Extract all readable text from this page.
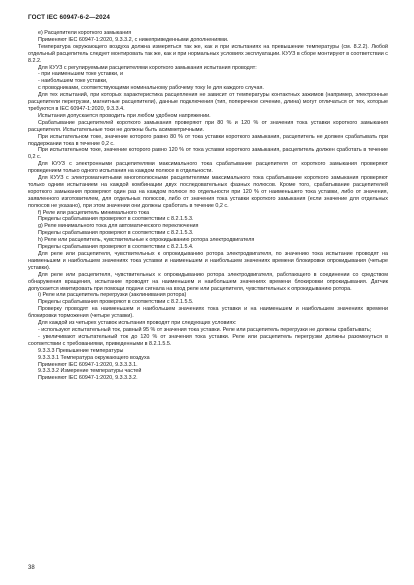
ГОСТ IEC 60947-6-2—2024

е) Расцепители короткого замыкания

Применяют IEC 60947-1:2020, 9.3.3.2, с нижеприведенными дополнениями.

Температура окружающего воздуха должна измеряться так же, как и при испытаниях на превышение температуры (см. 8.2.2). Любой отдельный расцепитель следует монтировать так же, как и при нормальных условиях эксплуатации. КУУЗ в сборе монтируют в соответствии с 8.2.2.

Для КУУЗ с регулируемыми расцепителями короткого замыкания испытания проводят:

- при наименьшем токе уставки, и

- наибольшем токе уставки,

с проводниками, соответствующими номинальному рабочему току Ie для каждого случая.

Для тех испытаний, при которых характеристика расцепления не зависит от температуры контактных зажимов (например, электронные расцепители перегрузки, магнитные расцепители), данные подключения (тип, поперечное сечение, длина) могут отличаться от тех, которые требуются в IEC 60947-1:2020, 9.3.3.4.

Испытания допускается проводить при любом удобном напряжении.

Срабатывание расцепителей короткого замыкания проверяют при 80 % и 120 % от значения тока уставки короткого замыкания расцепителя. Испытательные токи не должны быть асимметричными.

При испытательном токе, значение которого равно 80 % от тока уставки короткого замыкания, расцепитель не должен срабатывать при поддержании тока в течение 0,2 с.

При испытательном токе, значение которого равно 120 % от тока уставки короткого замыкания, расцепитель должен сработать в течение 0,2 с.

Для КУУЗ с электронными расцепителями максимального тока срабатывание расцепителя от короткого замыкания проверяют проведением только одного испытания на каждом полюсе в отдельности.

Для КУУЗ с электромагнитными многополюсными расцепителями максимального тока срабатывание короткого замыкания проверяют только одним испытанием на каждой комбинации двух последовательных фазных полюсов. Кроме того, срабатывание расцепителей короткого замыкания проверяют один раз на каждом полюсе по отдельности при 120 % от наименьшего тока уставки, либо от значения, заявленного изготовителем, для отдельных полюсов, либо от значения тока уставки короткого замыкания (если значение для отдельных полюсов не указано), при этом значении они должны сработать в течение 0,2 с.

f) Реле или расцепитель минимального тока

Пределы срабатывания проверяют в соответствии с 8.2.1.5.3.

g) Реле минимального тока для автоматического переключения

Пределы срабатывания проверяют в соответствии с 8.2.1.5.3.

h) Реле или расцепитель, чувствительные к опрокидыванию ротора электродвигателя

Пределы срабатывания проверяют в соответствии с 8.2.1.5.4.

Для реле или расцепителя, чувствительных к опрокидыванию ротора электродвигателя, по значению тока испытание проводят на наименьшем и наибольшем значениях тока уставки и наименьшем и наибольшем значениях времени блокировки опрокидывания (четыре уставки).

Для реле или расцепителя, чувствительных к опрокидыванию ротора электродвигателя, работающего в соединении со средством обнаружения вращения, испытание проводят на наименьшем и наибольшем значениях времени блокировки опрокидывания. Датчик допускается имитировать при помощи подачи сигнала на вход реле или расцепителя, чувствительных к опрокидыванию ротора.

i) Реле или расцепитель перегрузки (заклинивания ротора)

Пределы срабатывания проверяют в соответствии с 8.2.1.5.5.

Проверку проводят на наименьшем и наибольшем значениях тока уставки и на наименьшем и наибольшем значениях времени блокировки торможения (четыре уставки).

Для каждой из четырех уставок испытания проводят при следующих условиях:

- используют испытательный ток, равный 95 % от значения тока уставки. Реле или расцепитель перегрузки не должны срабатывать;

- увеличивают испытательный ток до 120 % от значения тока уставки. Реле или расцепитель перегрузки должны разомкнуться в соответствии с требованиями, приведенными в 8.2.1.5.5.

9.3.3.3 Превышение температуры

9.3.3.3.1 Температура окружающего воздуха

Применяют IEC 60947-1:2020, 9.3.3.3.1.

9.3.3.3.2 Измерение температуры частей

Применяют IEC 60947-1:2020, 9.3.3.3.2.

38
